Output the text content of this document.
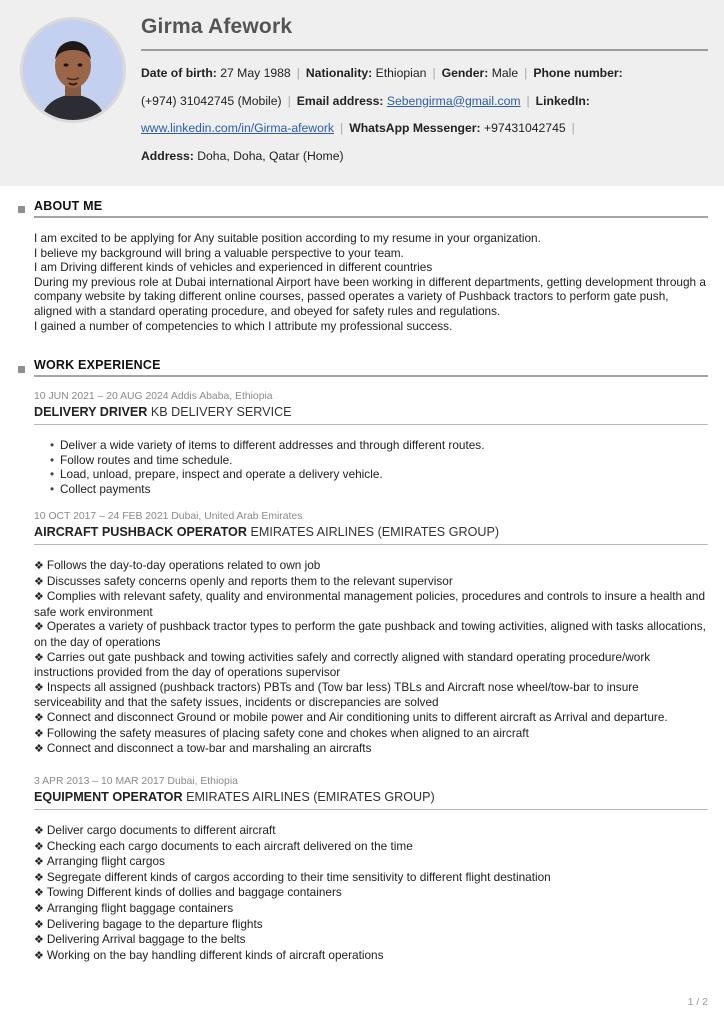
Girma Afework
Date of birth: 27 May 1988 | Nationality: Ethiopian | Gender: Male | Phone number:
(+974) 31042745 (Mobile) | Email address: Sebengirma@gmail.com | LinkedIn:
www.linkedin.com/in/Girma-afework | WhatsApp Messenger: +97431042745 |
Address: Doha, Doha, Qatar (Home)
ABOUT ME
I am excited to be applying for Any suitable position according to my resume in your organization.
I believe my background will bring a valuable perspective to your team.
I am Driving different kinds of vehicles and experienced in different countries
During my previous role at Dubai international Airport have been working in different departments, getting development through a company website by taking different online courses, passed operates a variety of Pushback tractors to perform gate push, aligned with a standard operating procedure, and obeyed for safety rules and regulations.
I gained a number of competencies to which I attribute my professional success.
WORK EXPERIENCE
10 JUN 2021 – 20 AUG 2024 Addis Ababa, Ethiopia
DELIVERY DRIVER KB DELIVERY SERVICE
• Deliver a wide variety of items to different addresses and through different routes.
• Follow routes and time schedule.
• Load, unload, prepare, inspect and operate a delivery vehicle.
• Collect payments
10 OCT 2017 – 24 FEB 2021 Dubai, United Arab Emirates
AIRCRAFT PUSHBACK OPERATOR EMIRATES AIRLINES (EMIRATES GROUP)
❖ Follows the day-to-day operations related to own job
❖ Discusses safety concerns openly and reports them to the relevant supervisor
❖ Complies with relevant safety, quality and environmental management policies, procedures and controls to insure a health and safe work environment
❖ Operates a variety of pushback tractor types to perform the gate pushback and towing activities, aligned with tasks allocations, on the day of operations
❖ Carries out gate pushback and towing activities safely and correctly aligned with standard operating procedure/work instructions provided from the day of operations supervisor
❖ Inspects all assigned (pushback tractors) PBTs and (Tow bar less) TBLs and Aircraft nose wheel/tow-bar to insure serviceability and that the safety issues, incidents or discrepancies are solved
❖ Connect and disconnect Ground or mobile power and Air conditioning units to different aircraft as Arrival and departure.
❖ Following the safety measures of placing safety cone and chokes when aligned to an aircraft
❖ Connect and disconnect a tow-bar and marshaling an aircrafts
3 APR 2013 – 10 MAR 2017 Dubai, Ethiopia
EQUIPMENT OPERATOR EMIRATES AIRLINES (EMIRATES GROUP)
❖ Deliver cargo documents to different aircraft
❖ Checking each cargo documents to each aircraft delivered on the time
❖ Arranging flight cargos
❖ Segregate different kinds of cargos according to their time sensitivity to different flight destination
❖ Towing Different kinds of dollies and baggage containers
❖ Arranging flight baggage containers
❖ Delivering bagage to the departure flights
❖ Delivering Arrival baggage to the belts
❖ Working on the bay handling different kinds of aircraft operations
1 / 2
